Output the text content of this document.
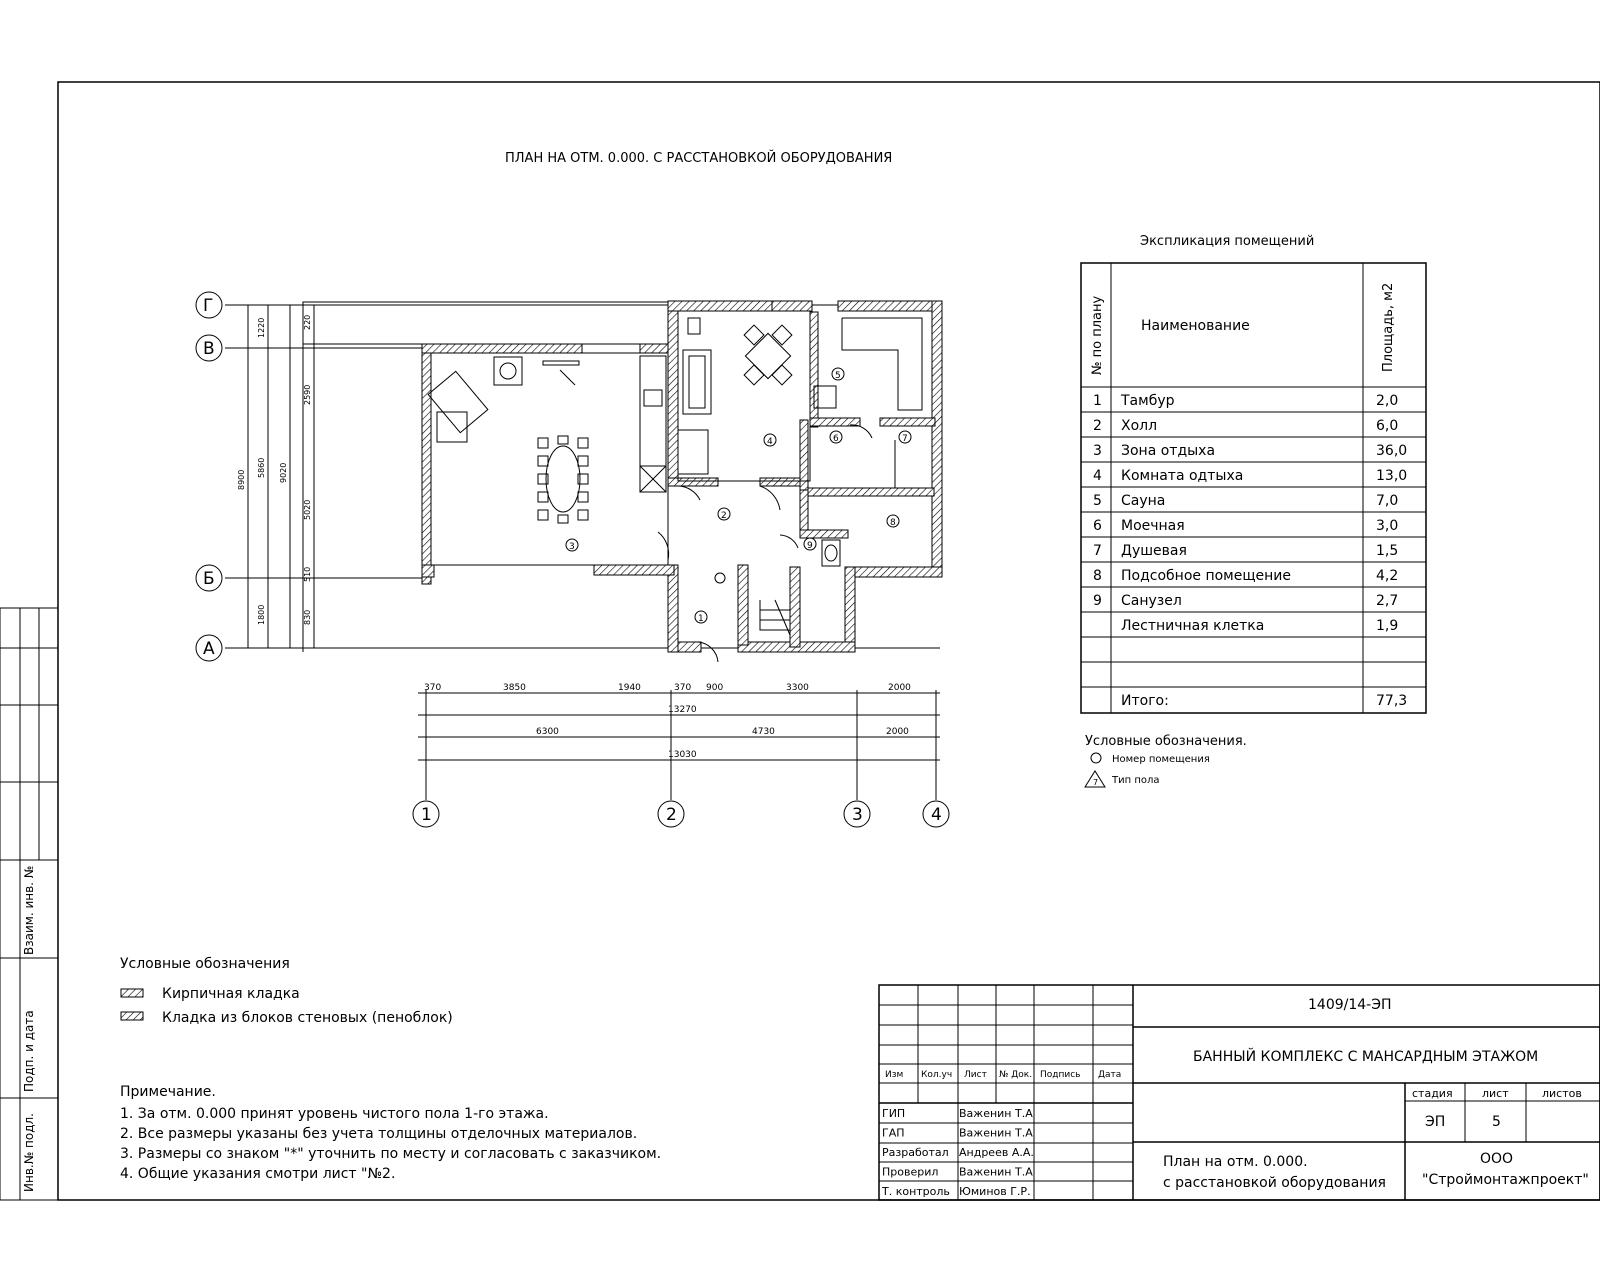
Взаим. инв. №
Подп. и дата
Инв.№ подл.
ПЛАН НА ОТМ. 0.000. С РАССТАНОВКОЙ ОБОРУДОВАНИЯ
1
2
3
4
5
6	7
8
9
Г
В
Б
А
1	2	3	4
8900
1800
1220
5860 9020
220
2590
5020
510
830
370	3850	1940	370 900	3300	2000
13270
6300	4730	2000
13030
Экспликация помещений
№ по плану	Наименование	Площадь, м2
1 Тамбур	2,0
2 Холл	6,0
3 Зона отдыха	36,0
4 Комната одтыха	13,0
5 Сауна	7,0
6 Моечная	3,0
7 Душевая	1,5
8 Подсобное помещение	4,2
9 Санузел	2,7
Лестничная клетка	1,9
Итого:	77,3
Условные обозначения.
Номер помещения
7 Тип пола
Условные обозначения
Кирпичная кладка
Кладка из блоков стеновых (пеноблок)
Примечание.
1. За отм. 0.000 принят уровень чистого пола 1-го этажа.
2. Все размеры указаны без учета толщины отделочных материалов.
3. Размеры со знаком "*" уточнить по месту и согласовать с заказчиком.
4. Общие указания смотри лист "№2.
Изм Кол.уч Лист № Док. Подпись Дата
ГИП	Важенин Т.А
ГАП	Важенин Т.А
Разработал Андреев А.А.
Проверил Важенин Т.А
Т. контроль Юминов Г.Р.
1409/14-ЭП
БАННЫЙ КОМПЛЕКС С МАНСАРДНЫМ ЭТАЖОМ
стадия	лист	листов
ЭП	5
План на отм. 0.000.
с расстановкой оборудования
ООО
"Строймонтажпроект"
